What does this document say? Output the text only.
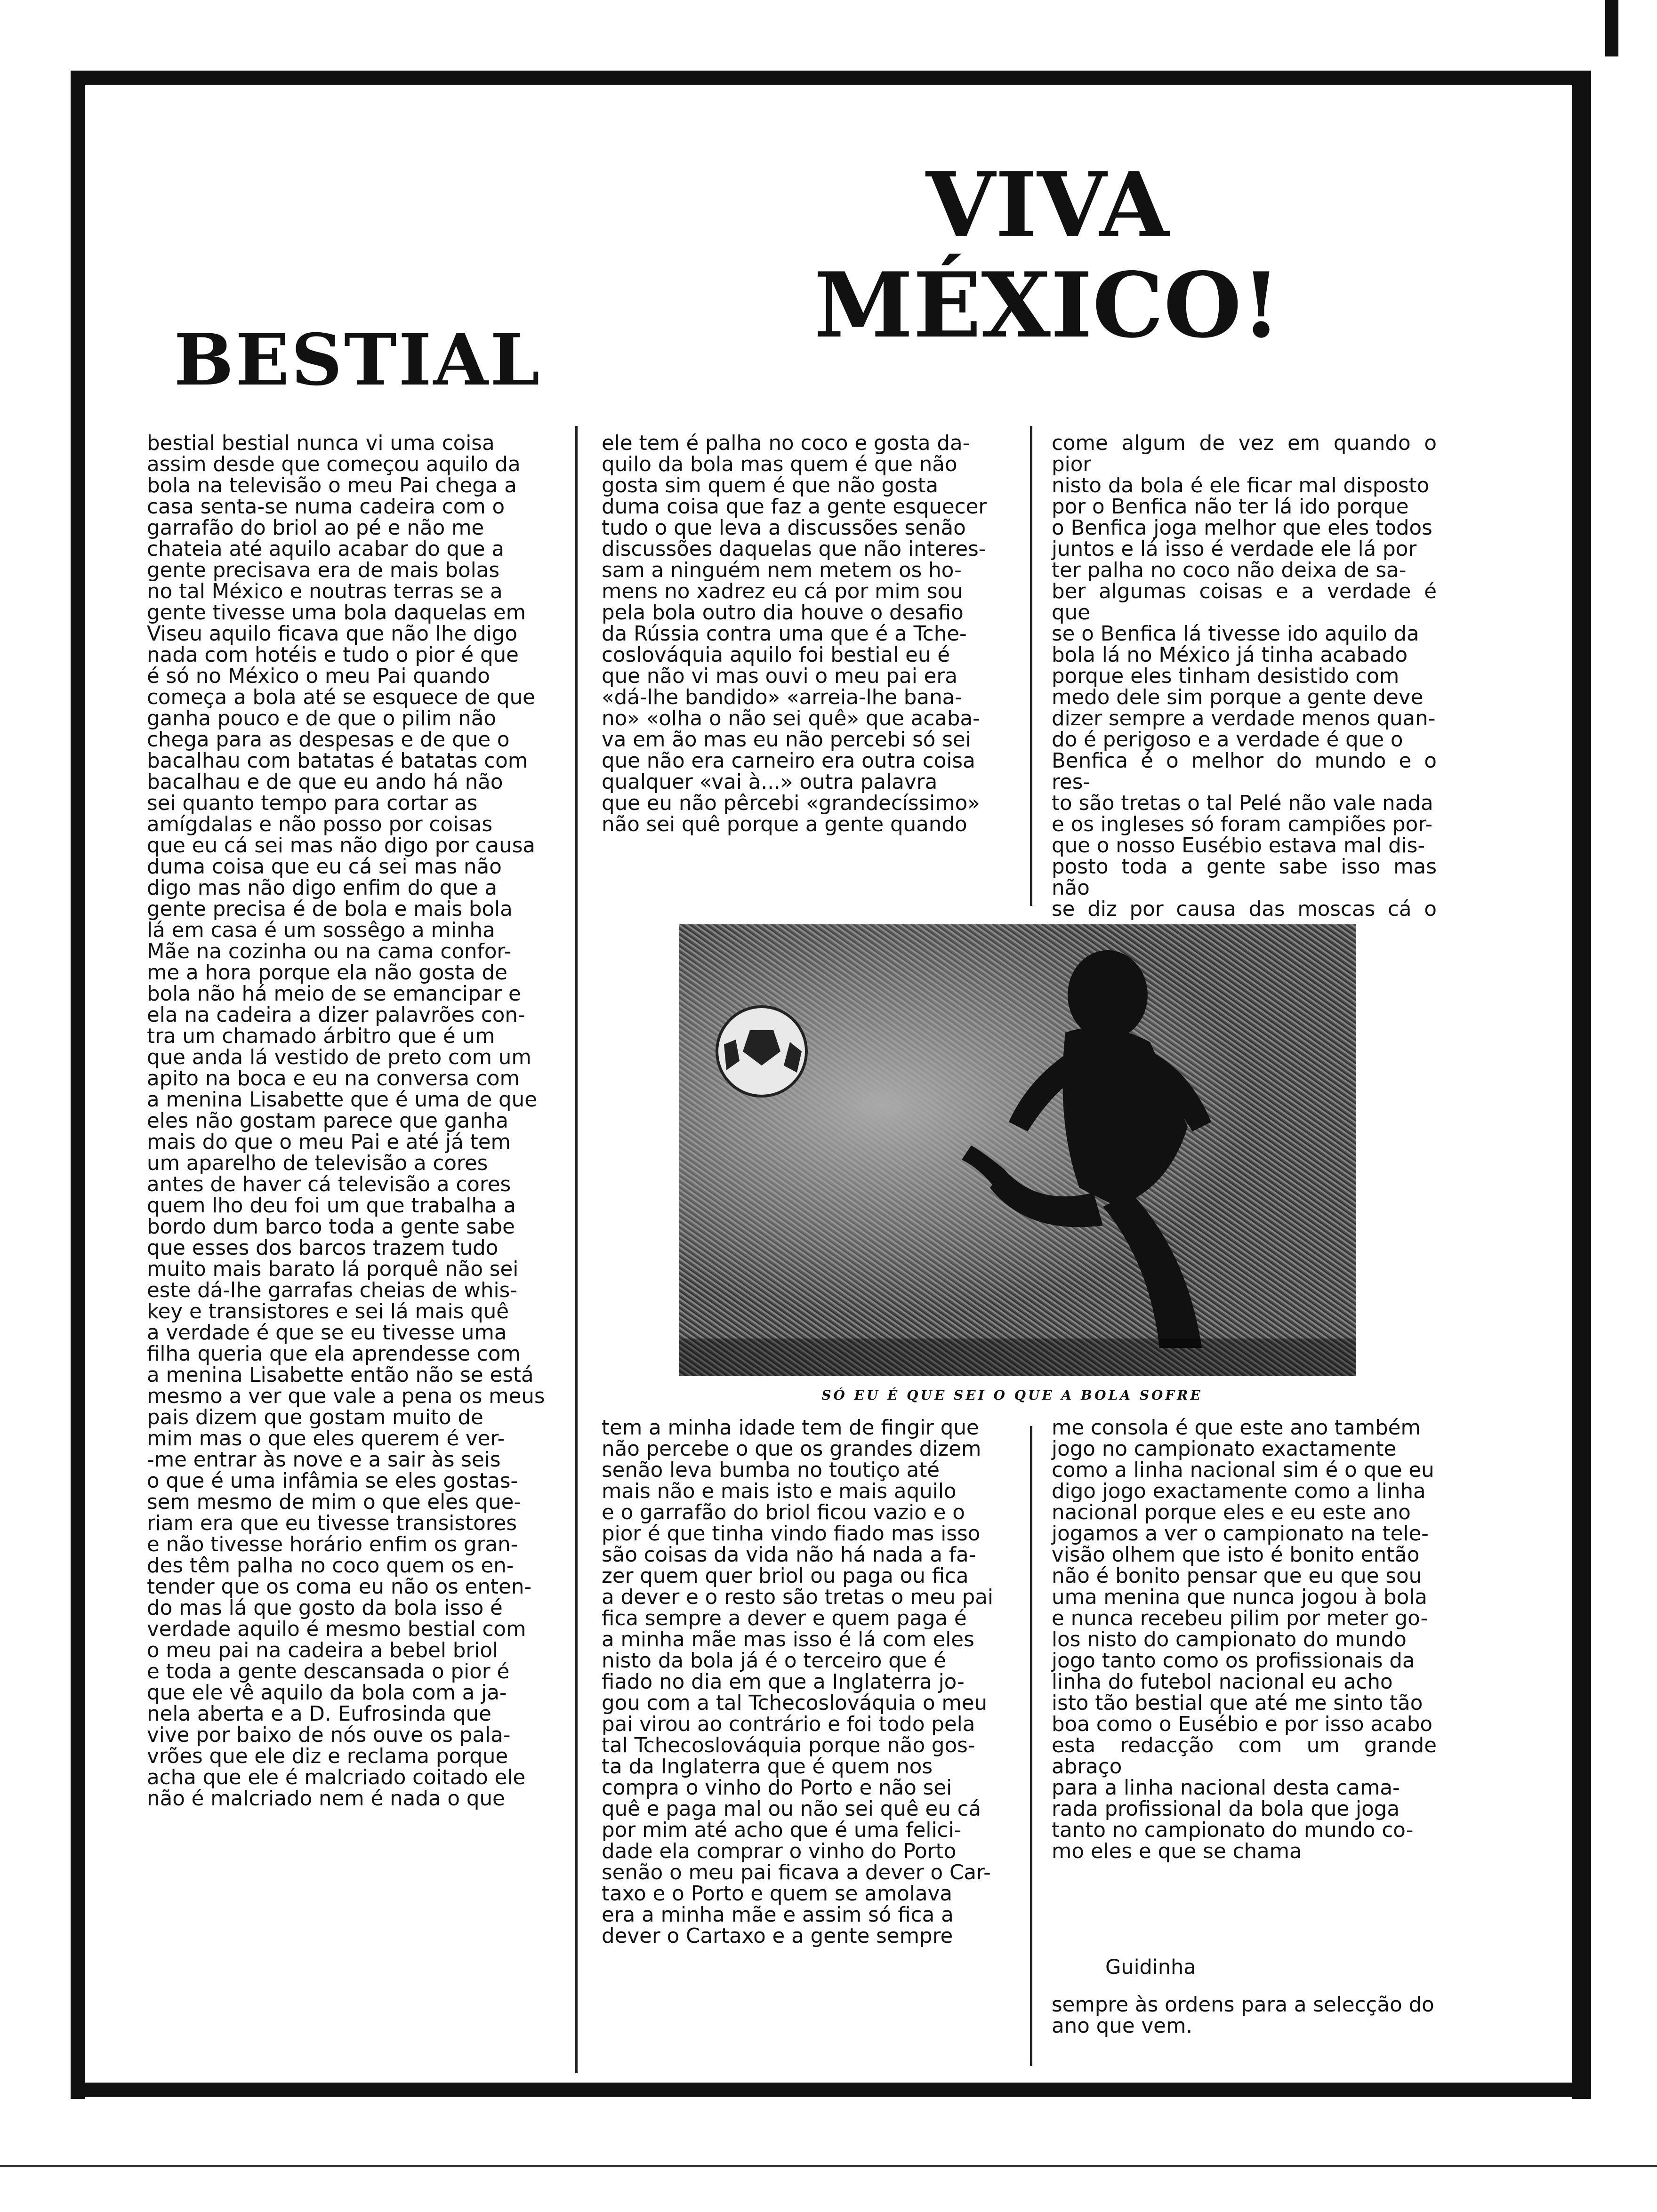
BESTIAL
VIVA
MÉXICO!
bestial bestial nunca vi uma coisa
assim desde que começou aquilo da
bola na televisão o meu Pai chega a
casa senta-se numa cadeira com o
garrafão do briol ao pé e não me
chateia até aquilo acabar do que a
gente precisava era de mais bolas
no tal México e noutras terras se a
gente tivesse uma bola daquelas em
Viseu aquilo ficava que não lhe digo
nada com hotéis e tudo o pior é que
é só no México o meu Pai quando
começa a bola até se esquece de que
ganha pouco e de que o pilim não
chega para as despesas e de que o
bacalhau com batatas é batatas com
bacalhau e de que eu ando há não
sei quanto tempo para cortar as
amígdalas e não posso por coisas
que eu cá sei mas não digo por causa
duma coisa que eu cá sei mas não
digo mas não digo enfim do que a
gente precisa é de bola e mais bola
lá em casa é um sossêgo a minha
Mãe na cozinha ou na cama confor-
me a hora porque ela não gosta de
bola não há meio de se emancipar e
ela na cadeira a dizer palavrões con-
tra um chamado árbitro que é um
que anda lá vestido de preto com um
apito na boca e eu na conversa com
a menina Lisabette que é uma de que
eles não gostam parece que ganha
mais do que o meu Pai e até já tem
um aparelho de televisão a cores
antes de haver cá televisão a cores
quem lho deu foi um que trabalha a
bordo dum barco toda a gente sabe
que esses dos barcos trazem tudo
muito mais barato lá porquê não sei
este dá-lhe garrafas cheias de whis-
key e transistores e sei lá mais quê
a verdade é que se eu tivesse uma
filha queria que ela aprendesse com
a menina Lisabette então não se está
mesmo a ver que vale a pena os meus
pais dizem que gostam muito de
mim mas o que eles querem é ver-
-me entrar às nove e a sair às seis
o que é uma infâmia se eles gostas-
sem mesmo de mim o que eles que-
riam era que eu tivesse transistores
e não tivesse horário enfim os gran-
des têm palha no coco quem os en-
tender que os coma eu não os enten-
do mas lá que gosto da bola isso é
verdade aquilo é mesmo bestial com
o meu pai na cadeira a bebel briol
e toda a gente descansada o pior é
que ele vê aquilo da bola com a ja-
nela aberta e a D. Eufrosinda que
vive por baixo de nós ouve os pala-
vrões que ele diz e reclama porque
acha que ele é malcriado coitado ele
não é malcriado nem é nada o que
ele tem é palha no coco e gosta da-
quilo da bola mas quem é que não
gosta sim quem é que não gosta
duma coisa que faz a gente esquecer
tudo o que leva a discussões senão
discussões daquelas que não interes-
sam a ninguém nem metem os ho-
mens no xadrez eu cá por mim sou
pela bola outro dia houve o desafio
da Rússia contra uma que é a Tche-
coslováquia aquilo foi bestial eu é
que não vi mas ouvi o meu pai era
«dá-lhe bandido» «arreia-lhe bana-
no» «olha o não sei quê» que acaba-
va em ão mas eu não percebi só sei
que não era carneiro era outra coisa
qualquer «vai à...» outra palavra
que eu não pêrcebi «grandecíssimo»
não sei quê porque a gente quando
come algum de vez em quando o pior
nisto da bola é ele ficar mal disposto
por o Benfica não ter lá ido porque
o Benfica joga melhor que eles todos
juntos e lá isso é verdade ele lá por
ter palha no coco não deixa de sa-
ber algumas coisas e a verdade é que
se o Benfica lá tivesse ido aquilo da
bola lá no México já tinha acabado
porque eles tinham desistido com
medo dele sim porque a gente deve
dizer sempre a verdade menos quan-
do é perigoso e a verdade é que o
Benfica é o melhor do mundo e o res-
to são tretas o tal Pelé não vale nada
e os ingleses só foram campiões por-
que o nosso Eusébio estava mal dis-
posto toda a gente sabe isso mas não
se diz por causa das moscas cá o
SÓ EU É QUE SEI O QUE A BOLA SOFRE
tem a minha idade tem de fingir que
não percebe o que os grandes dizem
senão leva bumba no toutiço até
mais não e mais isto e mais aquilo
e o garrafão do briol ficou vazio e o
pior é que tinha vindo fiado mas isso
são coisas da vida não há nada a fa-
zer quem quer briol ou paga ou fica
a dever e o resto são tretas o meu pai
fica sempre a dever e quem paga é
a minha mãe mas isso é lá com eles
nisto da bola já é o terceiro que é
fiado no dia em que a Inglaterra jo-
gou com a tal Tchecoslováquia o meu
pai virou ao contrário e foi todo pela
tal Tchecoslováquia porque não gos-
ta da Inglaterra que é quem nos
compra o vinho do Porto e não sei
quê e paga mal ou não sei quê eu cá
por mim até acho que é uma felici-
dade ela comprar o vinho do Porto
senão o meu pai ficava a dever o Car-
taxo e o Porto e quem se amolava
era a minha mãe e assim só fica a
dever o Cartaxo e a gente sempre
me consola é que este ano também
jogo no campionato exactamente
como a linha nacional sim é o que eu
digo jogo exactamente como a linha
nacional porque eles e eu este ano
jogamos a ver o campionato na tele-
visão olhem que isto é bonito então
não é bonito pensar que eu que sou
uma menina que nunca jogou à bola
e nunca recebeu pilim por meter go-
los nisto do campionato do mundo
jogo tanto como os profissionais da
linha do futebol nacional eu acho
isto tão bestial que até me sinto tão
boa como o Eusébio e por isso acabo
esta redacção com um grande abraço
para a linha nacional desta cama-
rada profissional da bola que joga
tanto no campionato do mundo co-
mo eles e que se chama
Guidinha
sempre às ordens para a selecção do
ano que vem.
